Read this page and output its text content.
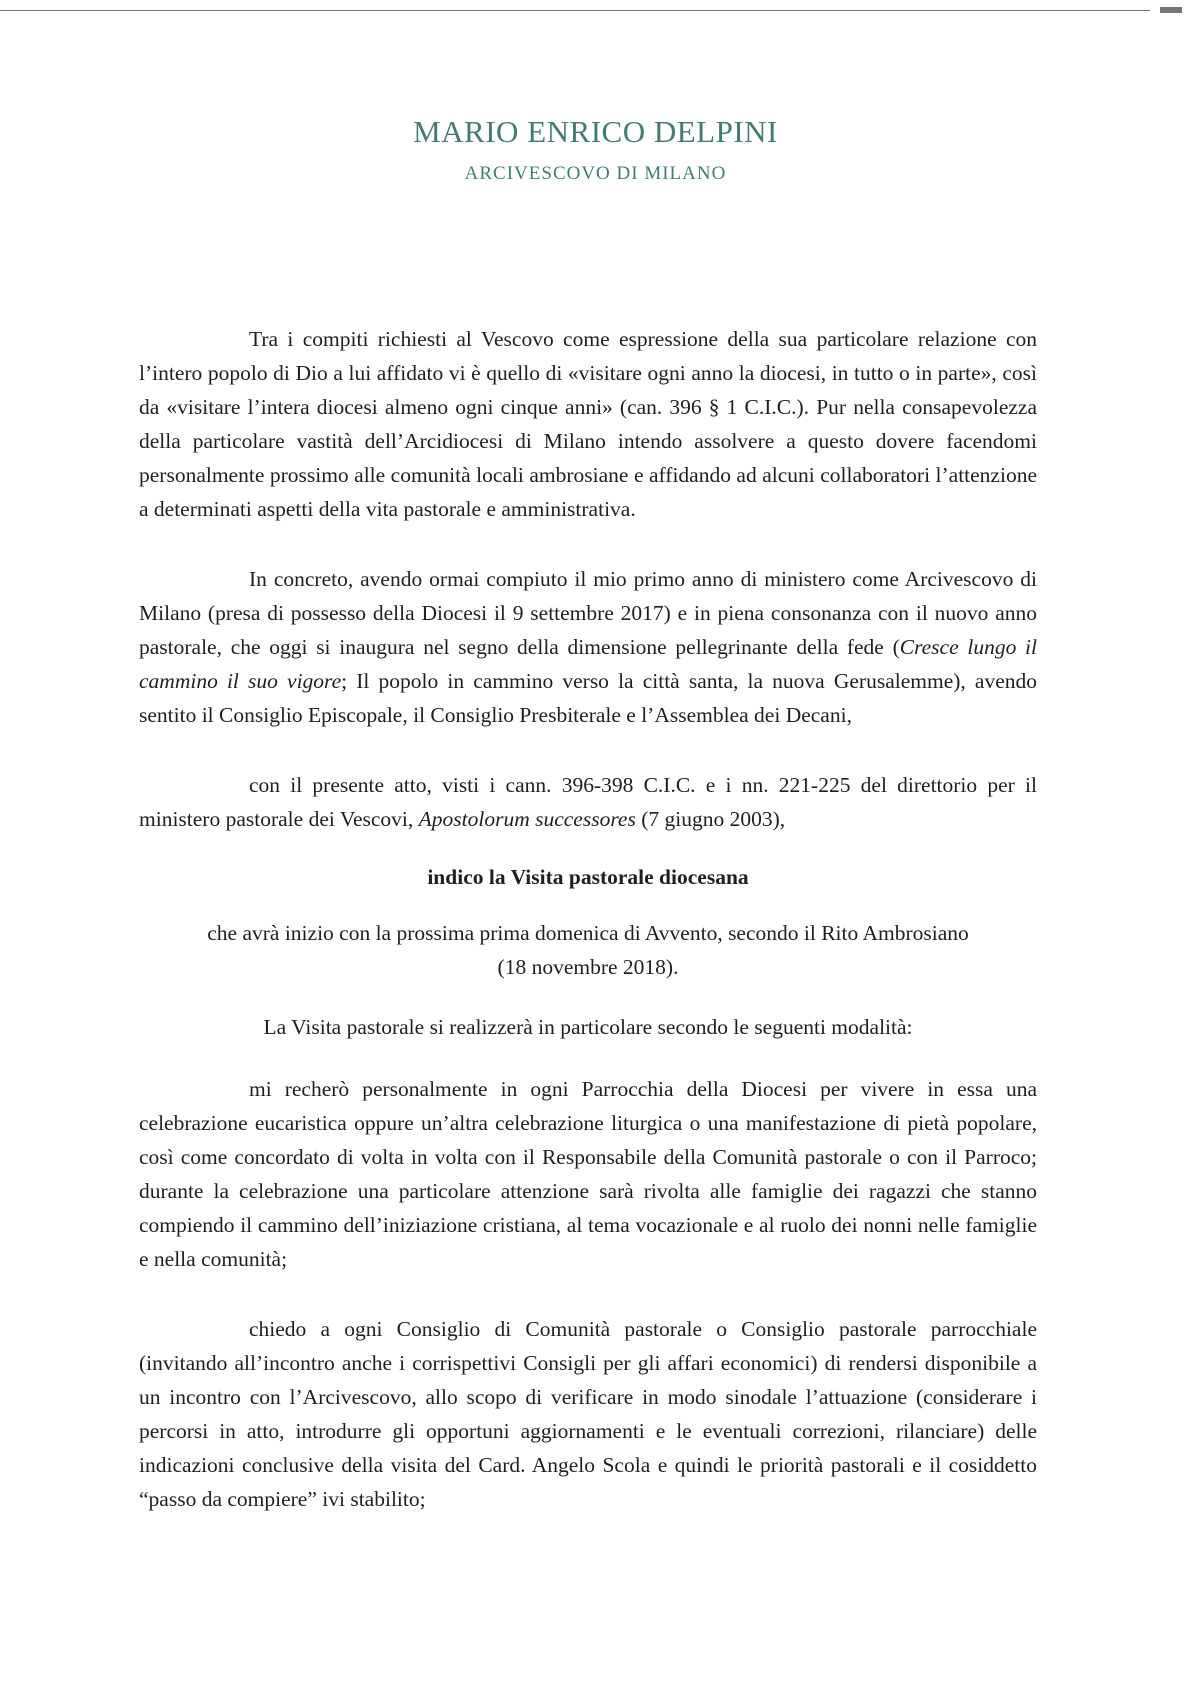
MARIO ENRICO DELPINI
ARCIVESCOVO DI MILANO

Tra i compiti richiesti al Vescovo come espressione della sua particolare relazione con l’intero popolo di Dio a lui affidato vi è quello di «visitare ogni anno la diocesi, in tutto o in parte», così da «visitare l’intera diocesi almeno ogni cinque anni» (can. 396 § 1 C.I.C.). Pur nella consapevolezza della particolare vastità dell’Arcidiocesi di Milano intendo assolvere a questo dovere facendomi personalmente prossimo alle comunità locali ambrosiane e affidando ad alcuni collaboratori l’attenzione a determinati aspetti della vita pastorale e amministrativa.

In concreto, avendo ormai compiuto il mio primo anno di ministero come Arcivescovo di Milano (presa di possesso della Diocesi il 9 settembre 2017) e in piena consonanza con il nuovo anno pastorale, che oggi si inaugura nel segno della dimensione pellegrinante della fede (Cresce lungo il cammino il suo vigore; Il popolo in cammino verso la città santa, la nuova Gerusalemme), avendo sentito il Consiglio Episcopale, il Consiglio Presbiterale e l’Assemblea dei Decani,

con il presente atto, visti i cann. 396-398 C.I.C. e i nn. 221-225 del direttorio per il ministero pastorale dei Vescovi, Apostolorum successores (7 giugno 2003),

indico la Visita pastorale diocesana

che avrà inizio con la prossima prima domenica di Avvento, secondo il Rito Ambrosiano

(18 novembre 2018).

La Visita pastorale si realizzerà in particolare secondo le seguenti modalità:

mi recherò personalmente in ogni Parrocchia della Diocesi per vivere in essa una celebrazione eucaristica oppure un’altra celebrazione liturgica o una manifestazione di pietà popolare, così come concordato di volta in volta con il Responsabile della Comunità pastorale o con il Parroco; durante la celebrazione una particolare attenzione sarà rivolta alle famiglie dei ragazzi che stanno compiendo il cammino dell’iniziazione cristiana, al tema vocazionale e al ruolo dei nonni nelle famiglie e nella comunità;

chiedo a ogni Consiglio di Comunità pastorale o Consiglio pastorale parrocchiale (invitando all’incontro anche i corrispettivi Consigli per gli affari economici) di rendersi disponibile a un incontro con l’Arcivescovo, allo scopo di verificare in modo sinodale l’attuazione (considerare i percorsi in atto, introdurre gli opportuni aggiornamenti e le eventuali correzioni, rilanciare) delle indicazioni conclusive della visita del Card. Angelo Scola e quindi le priorità pastorali e il cosiddetto “passo da compiere” ivi stabilito;
